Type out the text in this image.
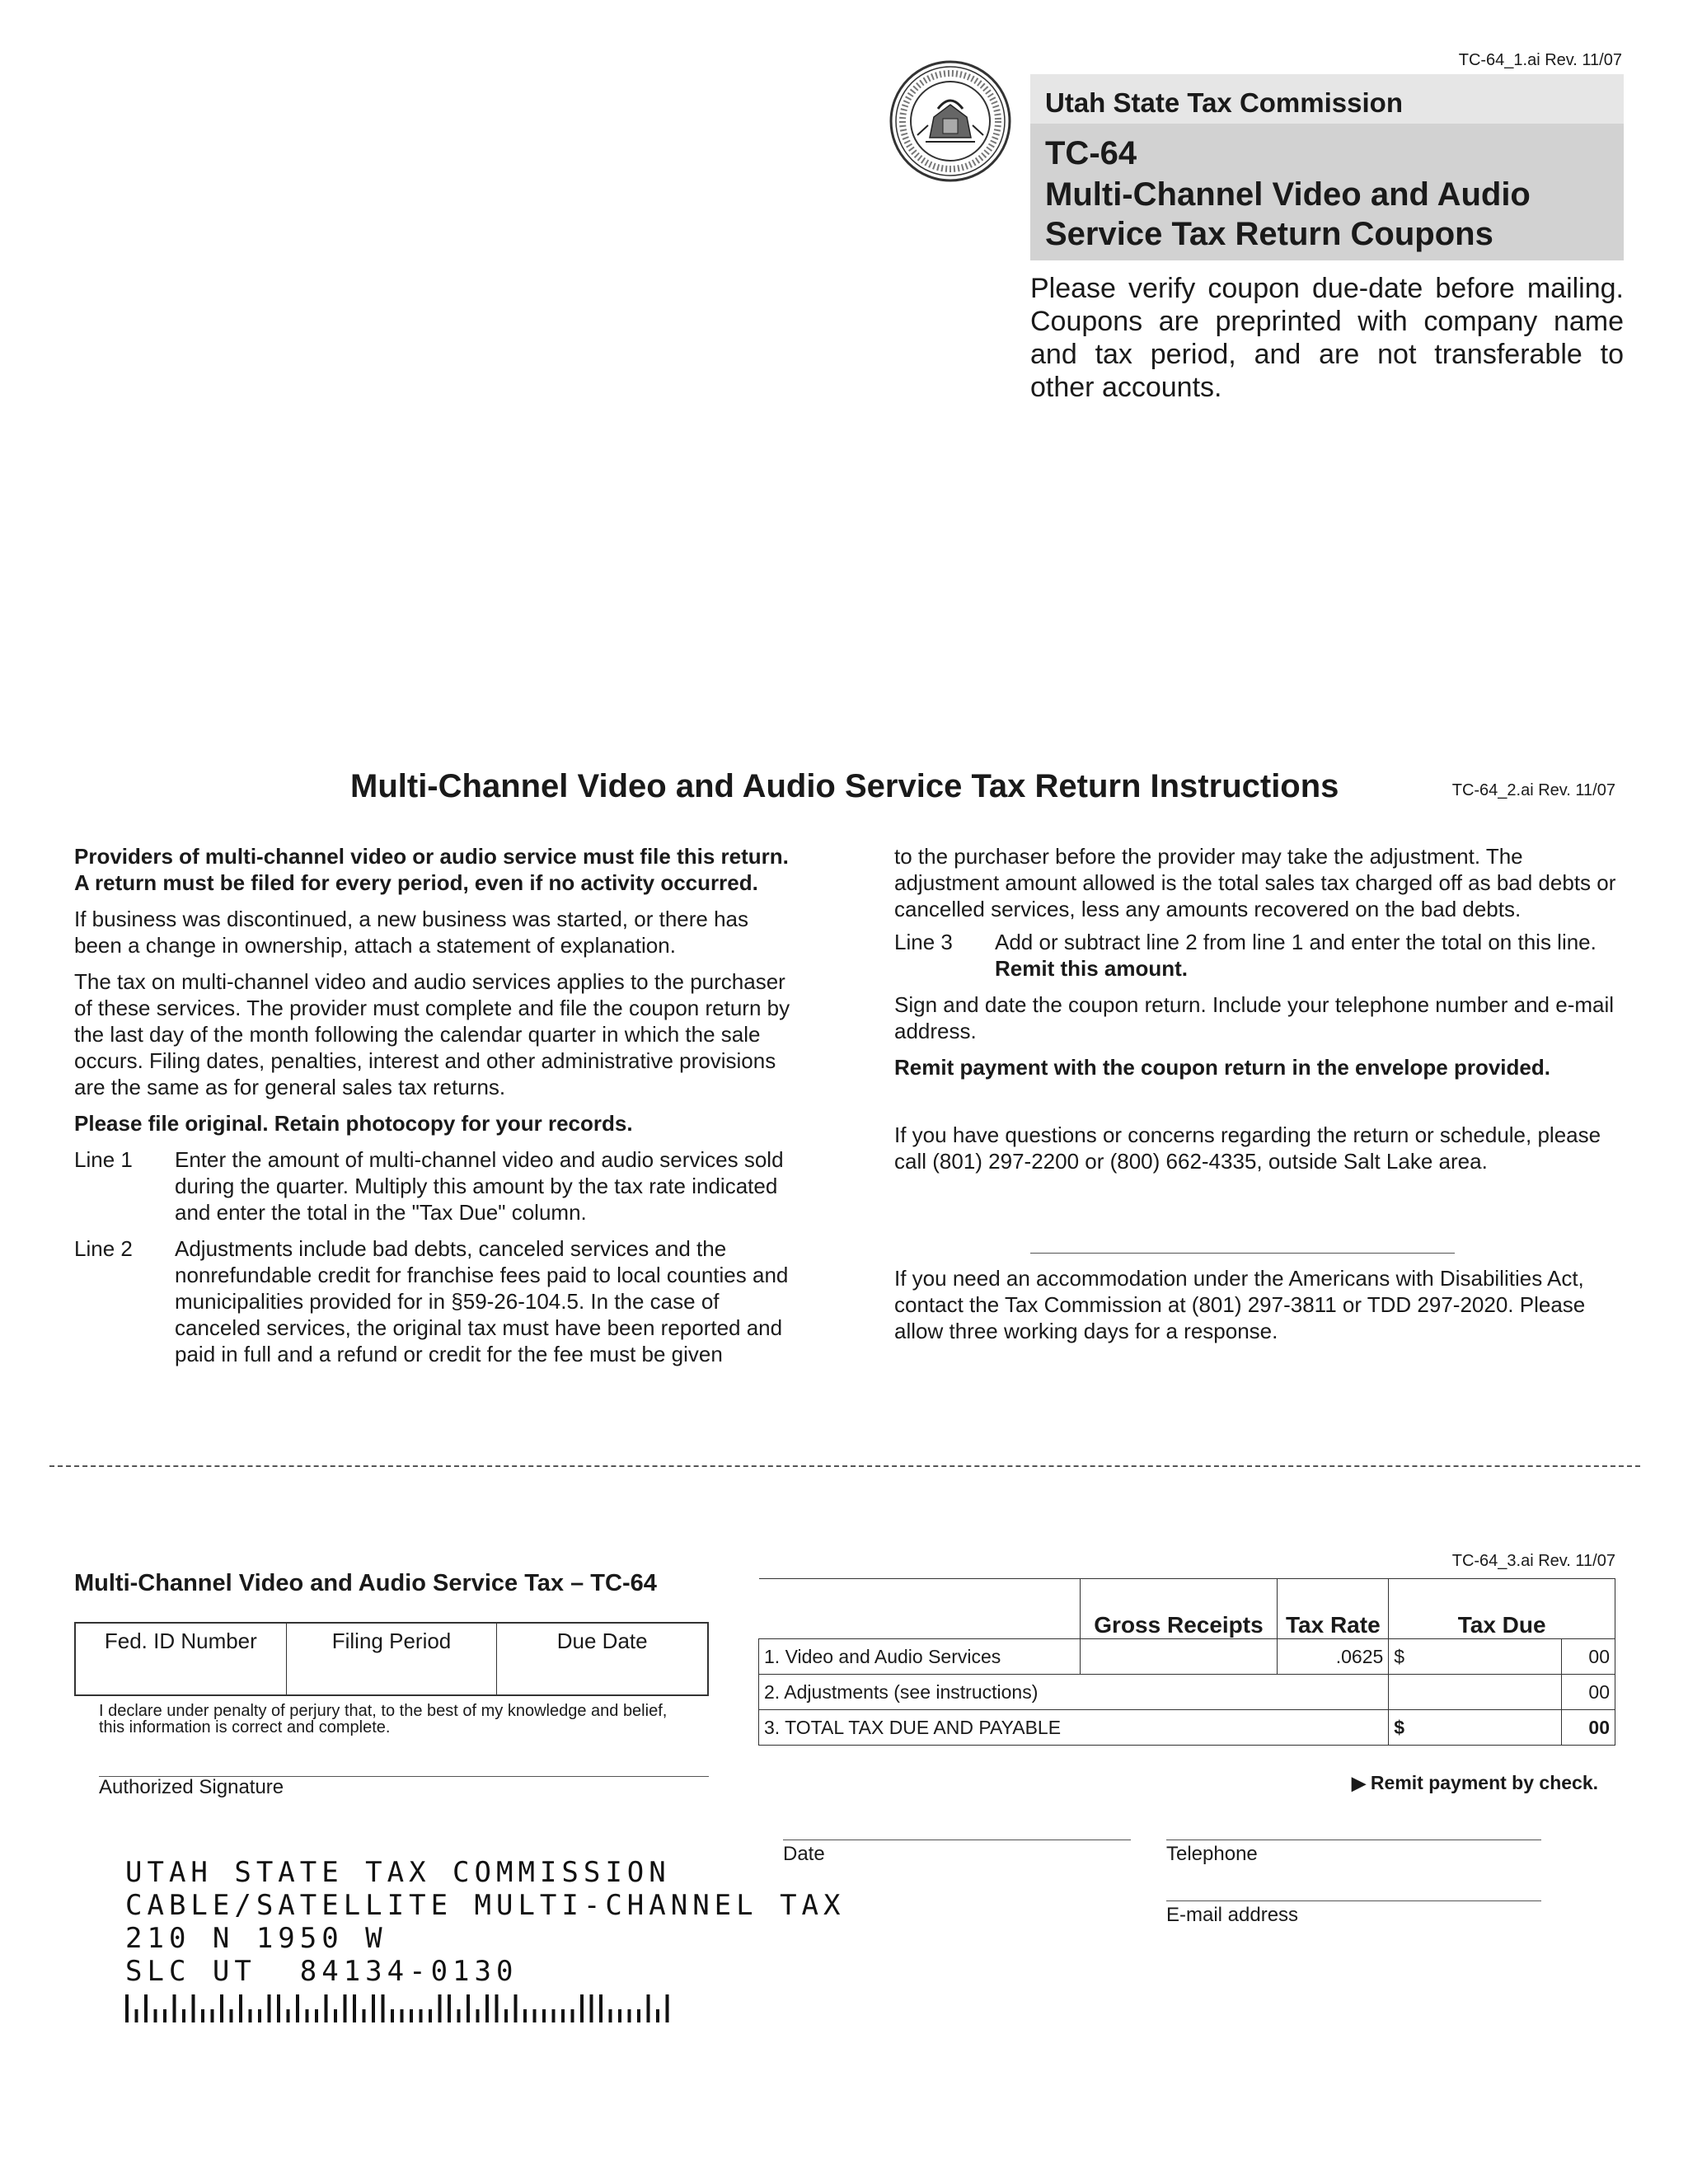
TC-64_1.ai Rev. 11/07
Utah State Tax Commission
TC-64
Multi-Channel Video and Audio Service Tax Return Coupons
Please verify coupon due-date before mailing. Coupons are preprinted with company name and tax period, and are not transferable to other accounts.
Multi-Channel Video and Audio Service Tax Return Instructions	TC-64_2.ai Rev. 11/07

Providers of multi-channel video or audio service must file this return. A return must be filed for every period, even if no activity occurred.

If business was discontinued, a new business was started, or there has been a change in ownership, attach a statement of explanation.

The tax on multi-channel video and audio services applies to the purchaser of these services. The provider must complete and file the coupon return by the last day of the month following the calendar quarter in which the sale occurs. Filing dates, penalties, interest and other administrative provisions are the same as for general sales tax returns.

Please file original. Retain photocopy for your records.

Line 1	Enter the amount of multi-channel video and audio services sold during the quarter. Multiply this amount by the tax rate indicated and enter the total in the "Tax Due" column.
Line 2	Adjustments include bad debts, canceled services and the nonrefundable credit for franchise fees paid to local counties and municipalities provided for in §59-26-104.5. In the case of canceled services, the original tax must have been reported and paid in full and a refund or credit for the fee must be given

to the purchaser before the provider may take the adjustment. The adjustment amount allowed is the total sales tax charged off as bad debts or cancelled services, less any amounts recovered on the bad debts.

Line 3	Add or subtract line 2 from line 1 and enter the total on this line.
Remit this amount.

Sign and date the coupon return. Include your telephone number and e-mail address.

Remit payment with the coupon return in the envelope provided.

If you have questions or concerns regarding the return or schedule, please call (801) 297-2200 or (800) 662-4335, outside Salt Lake area.

If you need an accommodation under the Americans with Disabilities Act, contact the Tax Commission at (801) 297-3811 or TDD 297-2020. Please allow three working days for a response.

Multi-Channel Video and Audio Service Tax – TC-64
TC-64_3.ai Rev. 11/07
Fed. ID Number	Filing Period	Due Date
I declare under penalty of perjury that, to the best of my knowledge and belief, this information is correct and complete.
Authorized Signature
	Gross Receipts	Tax Rate	Tax Due	
1. Video and Audio Services		.0625	$	00
2. Adjustments (see instructions)				00
3. TOTAL TAX DUE AND PAYABLE			$	00
▶ Remit payment by check.
Date	Telephone
E-mail address
UTAH STATE TAX COMMISSION
CABLE/SATELLITE MULTI-CHANNEL TAX
210 N 1950 W
SLC UT  84134-0130
